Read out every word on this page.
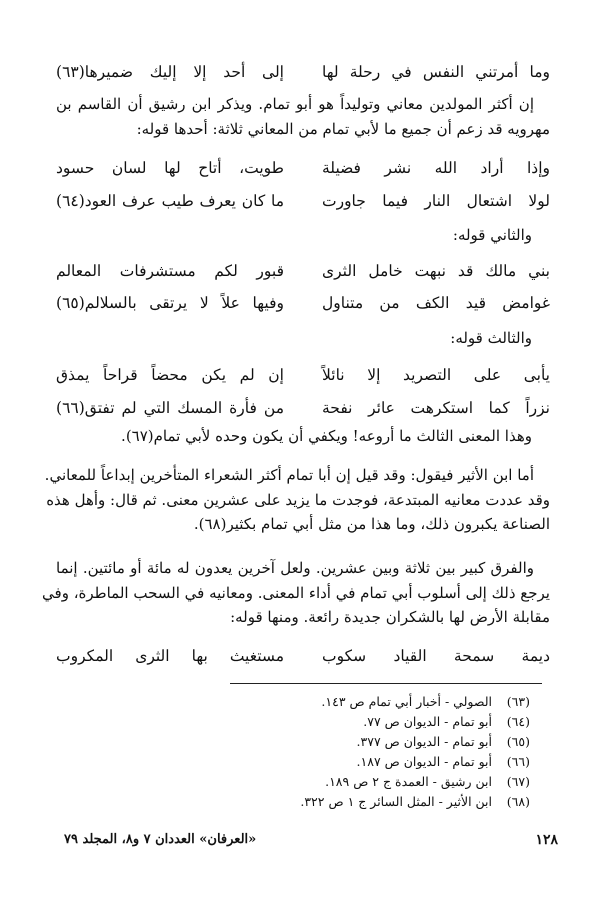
وما أمرتني النفس في رحلة لها
إلى أحد إلا إليك ضميرها(٦٣)
إن أكثر المولدين معاني وتوليداً هو أبو تمام. ويذكر ابن رشيق أن القاسم بن
مهرويه قد زعم أن جميع ما لأبي تمام من المعاني ثلاثة: أحدها قوله:
وإذا أراد الله نشر فضيلة
طويت، أتاح لها لسان حسود
لولا اشتعال النار فيما جاورت
ما كان يعرف طيب عرف العود(٦٤)
والثاني قوله:
بني مالك قد نبهت خامل الثرى
قبور لكم مستشرفات المعالم
غوامض قيد الكف من متناول
وفيها علاً لا يرتقى بالسلالم(٦٥)
والثالث قوله:
يأبى على التصريد إلا نائلاً
إن لم يكن محضاً قراحاً يمذق
نزراً كما استكرهت عائر نفحة
من فأرة المسك التي لم تفتق(٦٦)
وهذا المعنى الثالث ما أروعه! ويكفي أن يكون وحده لأبي تمام(٦٧).
أما ابن الأثير فيقول: وقد قيل إن أبا تمام أكثر الشعراء المتأخرين إبداعاً للمعاني.
وقد عددت معانيه المبتدعة، فوجدت ما يزيد على عشرين معنى. ثم قال: وأهل هذه
الصناعة يكبرون ذلك، وما هذا من مثل أبي تمام بكثير(٦٨).
والفرق كبير بين ثلاثة وبين عشرين. ولعل آخرين يعدون له مائة أو مائتين. إنما
يرجع ذلك إلى أسلوب أبي تمام في أداء المعنى. ومعانيه في السحب الماطرة، وفي
مقابلة الأرض لها بالشكران جديدة رائعة. ومنها قوله:
ديمة سمحة القياد سكوب
مستغيث بها الثرى المكروب
(٦٣)الصولي - أخبار أبي تمام ص ١٤٣.
(٦٤)أبو تمام - الديوان ص ٧٧.
(٦٥)أبو تمام - الديوان ص ٣٧٧.
(٦٦)أبو تمام - الديوان ص ١٨٧.
(٦٧)ابن رشيق - العمدة ج ٢ ص ١٨٩.
(٦٨)ابن الأثير - المثل السائر ج ١ ص ٣٢٢.
١٢٨
«العرفان» العددان ٧ و٨، المجلد ٧٩
